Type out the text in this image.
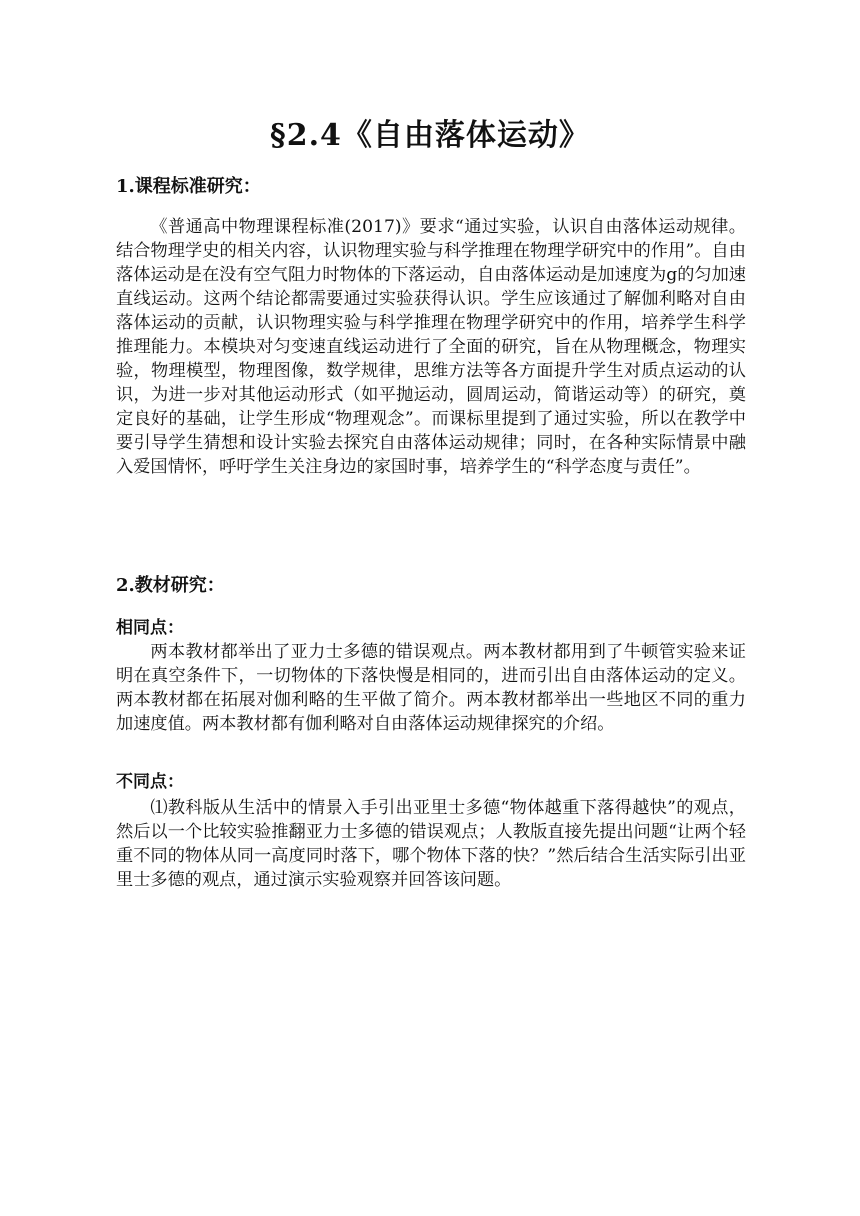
§2.4《自由落体运动》
1.课程标准研究：

《普通高中物理课程标准(2017)》要求“通过实验，认识自由落体运动规律。结合物理学史的相关内容，认识物理实验与科学推理在物理学研究中的作用”。自由落体运动是在没有空气阻力时物体的下落运动，自由落体运动是加速度为g的匀加速直线运动。这两个结论都需要通过实验获得认识。学生应该通过了解伽利略对自由落体运动的贡献，认识物理实验与科学推理在物理学研究中的作用，培养学生科学推理能力。本模块对匀变速直线运动进行了全面的研究，旨在从物理概念，物理实验，物理模型，物理图像，数学规律，思维方法等各方面提升学生对质点运动的认识，为进一步对其他运动形式（如平抛运动，圆周运动，简谐运动等）的研究，奠定良好的基础，让学生形成“物理观念”。而课标里提到了通过实验，所以在教学中要引导学生猜想和设计实验去探究自由落体运动规律；同时，在各种实际情景中融入爱国情怀，呼吁学生关注身边的家国时事，培养学生的“科学态度与责任”。

2.教材研究：
相同点：

两本教材都举出了亚力士多德的错误观点。两本教材都用到了牛顿管实验来证明在真空条件下，一切物体的下落快慢是相同的，进而引出自由落体运动的定义。两本教材都在拓展对伽利略的生平做了简介。两本教材都举出一些地区不同的重力加速度值。两本教材都有伽利略对自由落体运动规律探究的介绍。

不同点：

⑴教科版从生活中的情景入手引出亚里士多德“物体越重下落得越快”的观点，然后以一个比较实验推翻亚力士多德的错误观点；人教版直接先提出问题“让两个轻重不同的物体从同一高度同时落下，哪个物体下落的快？”然后结合生活实际引出亚里士多德的观点，通过演示实验观察并回答该问题。
